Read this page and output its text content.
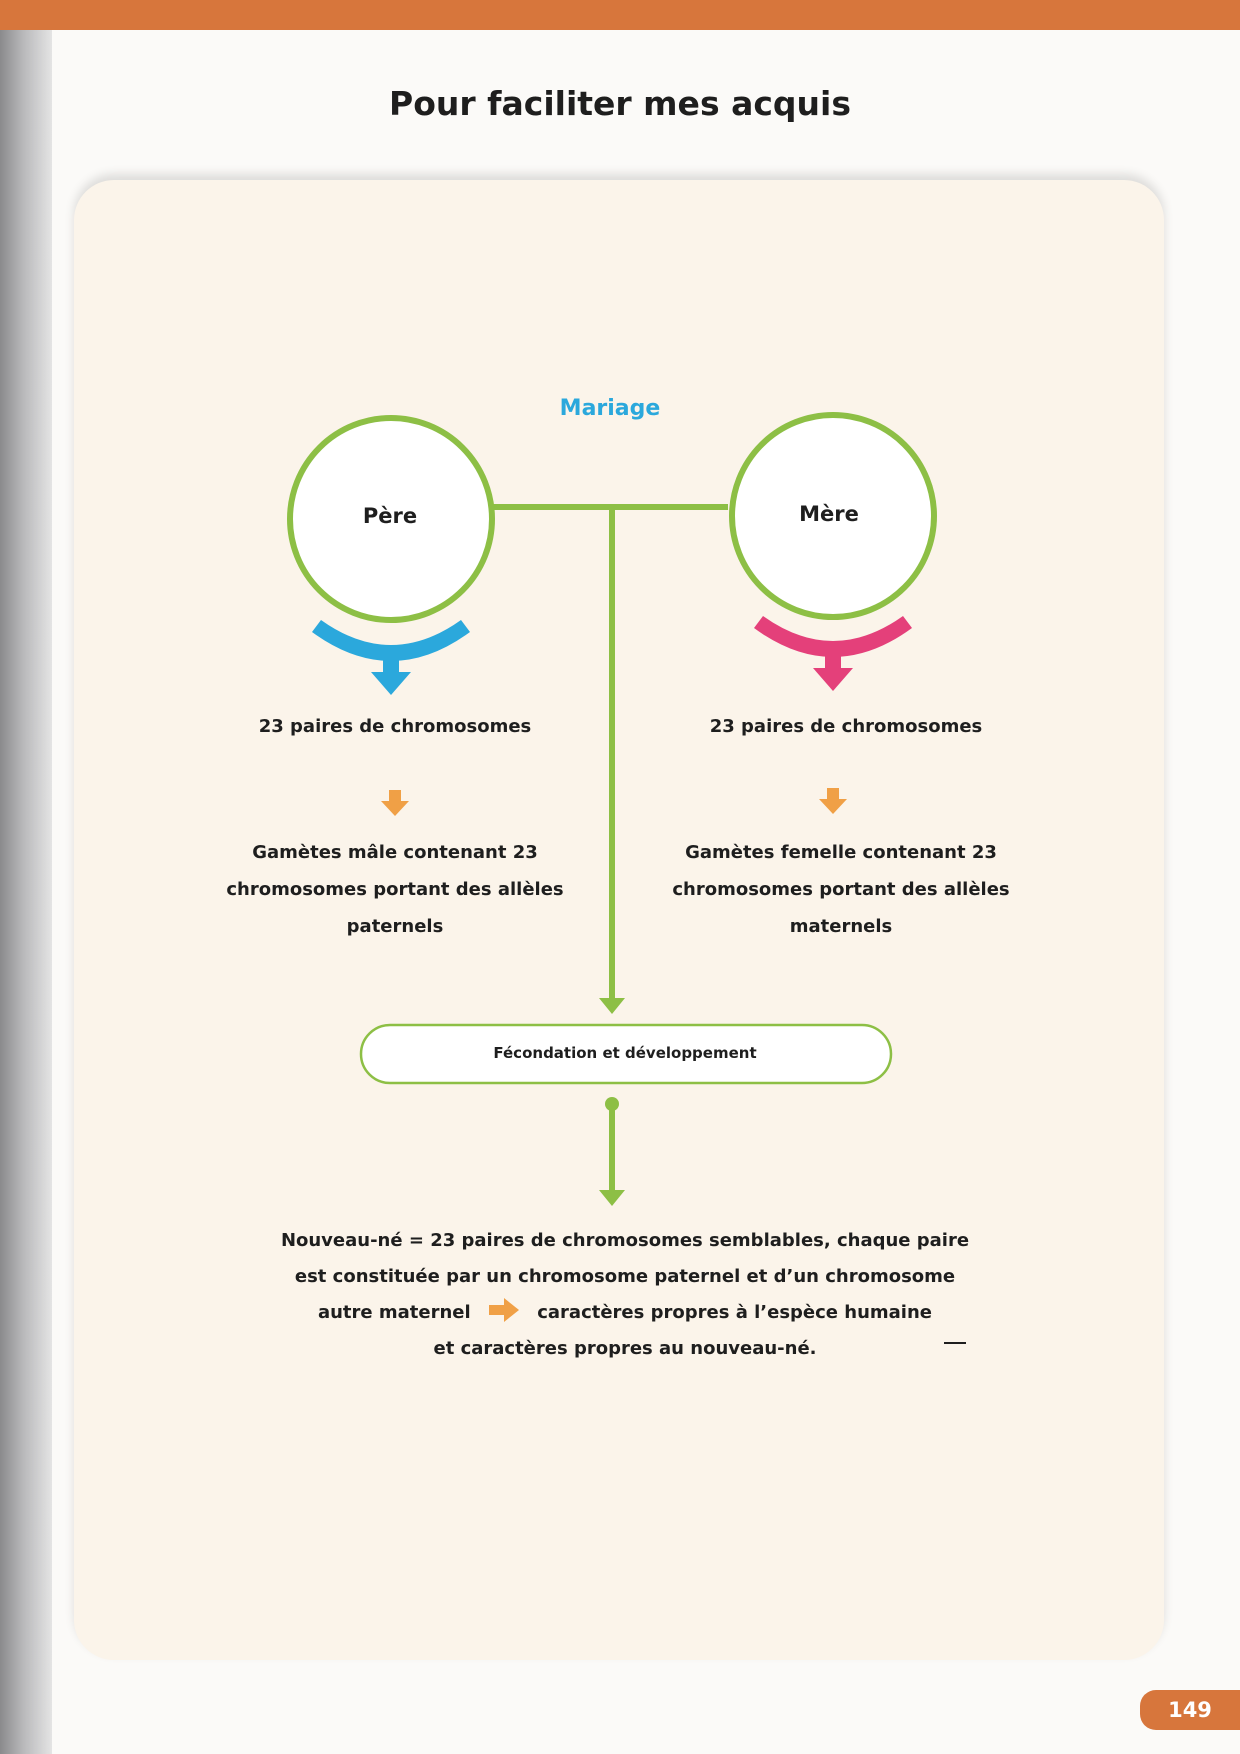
Pour faciliter mes acquis
Mariage
Père	Mère
23 paires de chromosomes	23 paires de chromosomes
Gamètes mâle contenant 23 chromosomes portant des allèles paternels
Gamètes femelle contenant 23 chromosomes portant des allèles maternels
Fécondation et développement
Nouveau-né = 23 paires de chromosomes semblables, chaque paire
est constituée par un chromosome paternel et d’un chromosome
autre maternel	caractères propres à l’espèce humaine
et caractères propres au nouveau-né.
149
